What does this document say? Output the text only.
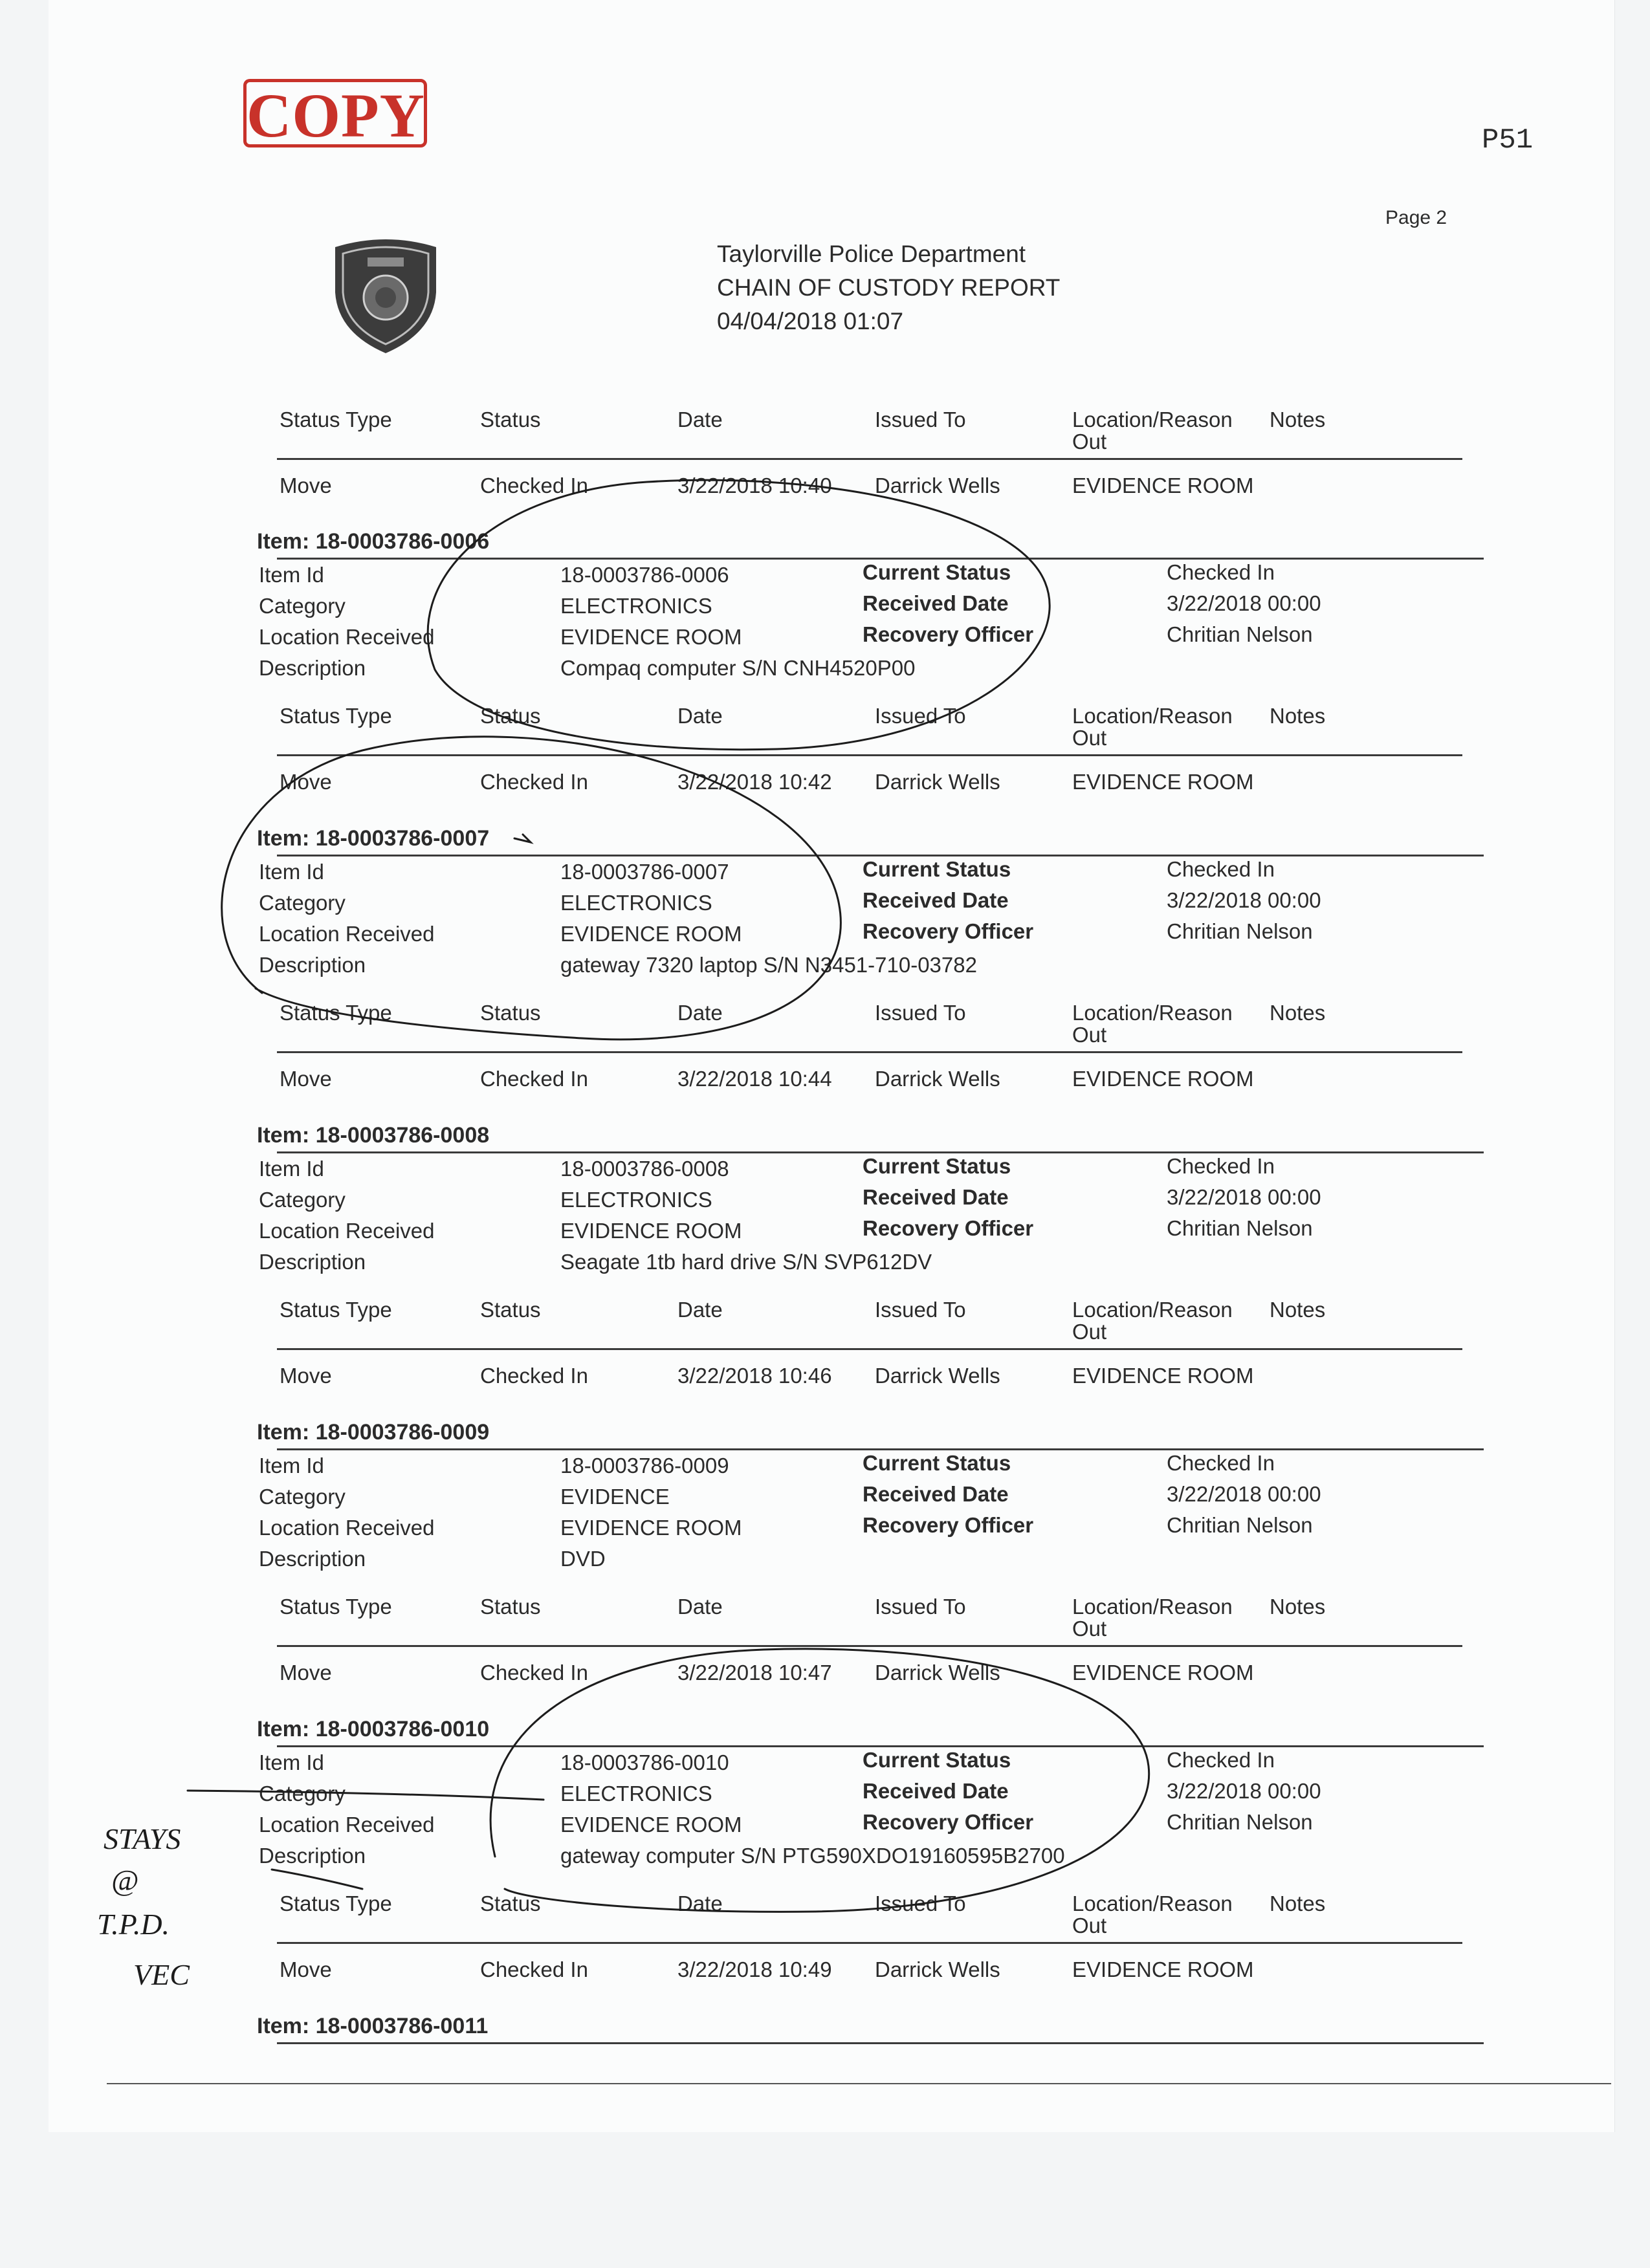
COPY	P51
Page 2
Taylorville Police Department
CHAIN OF CUSTODY REPORT
04/04/2018 01:07
Status Type	Status	Date	Issued To	Location/Reason
Out
Notes
Move	Checked In	3/22/2018 10:40 Darrick Wells	EVIDENCE ROOM
Item: 18-0003786-0006
Item Id	18-0003786-0006
Category	ELECTRONICS
Location Received	EVIDENCE ROOM
Description	Compaq computer S/N CNH4520P00
Current Status	Checked In
Received Date	3/22/2018 00:00
Recovery Officer	Chritian Nelson
Status Type	Status	Date	Issued To	Location/Reason
Out
Notes
Move	Checked In	3/22/2018 10:42 Darrick Wells	EVIDENCE ROOM
Item: 18-0003786-0007
Item Id	18-0003786-0007
Category	ELECTRONICS
Location Received	EVIDENCE ROOM
Description	gateway 7320 laptop S/N N3451-710-03782
Current Status	Checked In
Received Date	3/22/2018 00:00
Recovery Officer	Chritian Nelson
Status Type	Status	Date	Issued To	Location/Reason
Out
Notes
Move	Checked In	3/22/2018 10:44 Darrick Wells	EVIDENCE ROOM
Item: 18-0003786-0008
Item Id	18-0003786-0008
Category	ELECTRONICS
Location Received	EVIDENCE ROOM
Description	Seagate 1tb hard drive S/N SVP612DV
Current Status	Checked In
Received Date	3/22/2018 00:00
Recovery Officer	Chritian Nelson
Status Type	Status	Date	Issued To	Location/Reason
Out
Notes
Move	Checked In	3/22/2018 10:46 Darrick Wells	EVIDENCE ROOM
Item: 18-0003786-0009
Item Id	18-0003786-0009
Category	EVIDENCE
Location Received	EVIDENCE ROOM
Description	DVD
Current Status	Checked In
Received Date	3/22/2018 00:00
Recovery Officer	Chritian Nelson
Status Type	Status	Date	Issued To	Location/Reason
Out
Notes
Move	Checked In	3/22/2018 10:47 Darrick Wells	EVIDENCE ROOM
Item: 18-0003786-0010
Item Id	18-0003786-0010
Category	ELECTRONICS
Location Received	EVIDENCE ROOM
Description	gateway computer S/N PTG590XDO19160595B2700
Current Status	Checked In
Received Date	3/22/2018 00:00
Recovery Officer	Chritian Nelson
Status Type	Status	Date	Issued To	Location/Reason
Out
Notes
Move	Checked In	3/22/2018 10:49 Darrick Wells	EVIDENCE ROOM
Item: 18-0003786-0011
STAYS
@
T.P.D.
VEC
